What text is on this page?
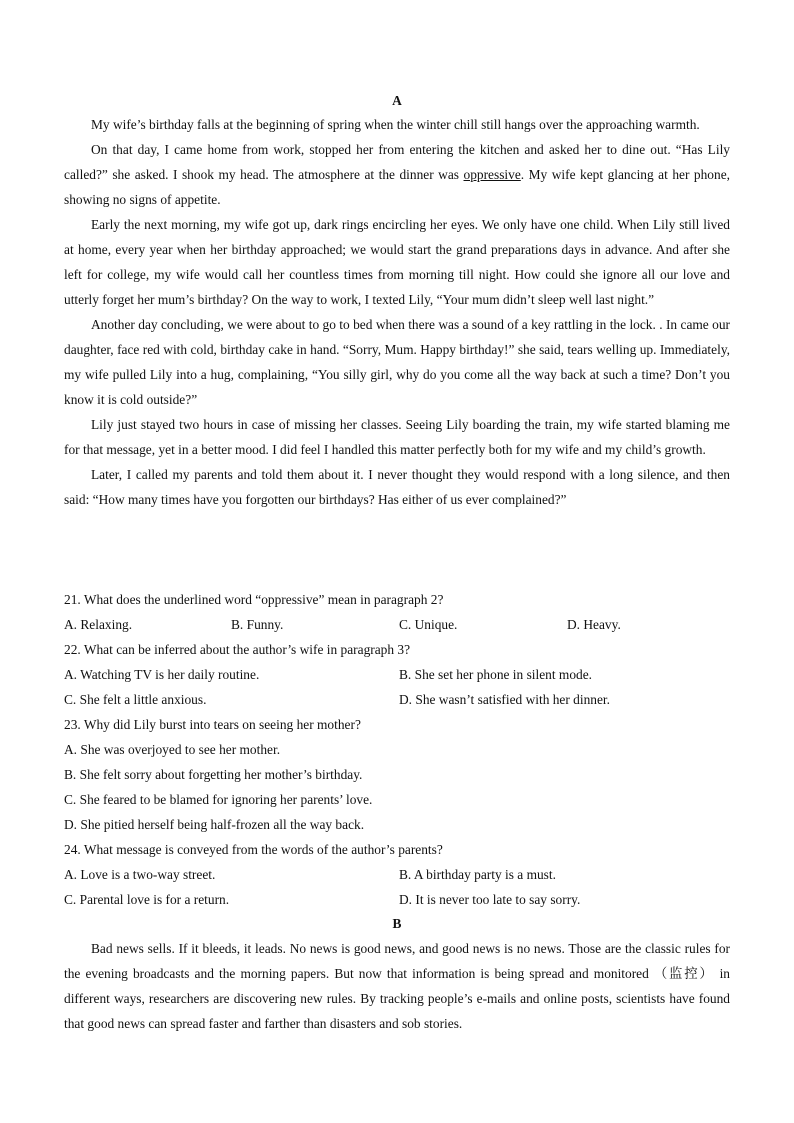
A

My wife’s birthday falls at the beginning of spring when the winter chill still hangs over the approaching warmth.

On that day, I came home from work, stopped her from entering the kitchen and asked her to dine out. “Has Lily called?” she asked. I shook my head. The atmosphere at the dinner was oppressive. My wife kept glancing at her phone, showing no signs of appetite.

Early the next morning, my wife got up, dark rings encircling her eyes. We only have one child. When Lily still lived at home, every year when her birthday approached; we would start the grand preparations days in advance. And after she left for college, my wife would call her countless times from morning till night. How could she ignore all our love and utterly forget her mum’s birthday? On the way to work, I texted Lily, “Your mum didn’t sleep well last night.”

Another day concluding, we were about to go to bed when there was a sound of a key rattling in the lock. . In came our daughter, face red with cold, birthday cake in hand. “Sorry, Mum. Happy birthday!” she said, tears welling up. Immediately, my wife pulled Lily into a hug, complaining, “You silly girl, why do you come all the way back at such a time? Don’t you know it is cold outside?”

Lily just stayed two hours in case of missing her classes. Seeing Lily boarding the train, my wife started blaming me for that message, yet in a better mood. I did feel I handled this matter perfectly both for my wife and my child’s growth.

Later, I called my parents and told them about it. I never thought they would respond with a long silence, and then said: “How many times have you forgotten our birthdays? Has either of us ever complained?”

21. What does the underlined word “oppressive” mean in paragraph 2?
A. Relaxing.	B. Funny.	C. Unique.	D. Heavy.
22. What can be inferred about the author’s wife in paragraph 3?
A. Watching TV is her daily routine.	B. She set her phone in silent mode.
C. She felt a little anxious.	D. She wasn’t satisfied with her dinner.
23. Why did Lily burst into tears on seeing her mother?
A. She was overjoyed to see her mother.
B. She felt sorry about forgetting her mother’s birthday.
C. She feared to be blamed for ignoring her parents’ love.
D. She pitied herself being half-frozen all the way back.
24. What message is conveyed from the words of the author’s parents?
A. Love is a two-way street.	B. A birthday party is a must.
C. Parental love is for a return.	D. It is never too late to say sorry.
B

Bad news sells. If it bleeds, it leads. No news is good news, and good news is no news. Those are the classic rules for the evening broadcasts and the morning papers. But now that information is being spread and monitored （监控） in different ways, researchers are discovering new rules. By tracking people’s e-mails and online posts, scientists have found that good news can spread faster and farther than disasters and sob stories.
